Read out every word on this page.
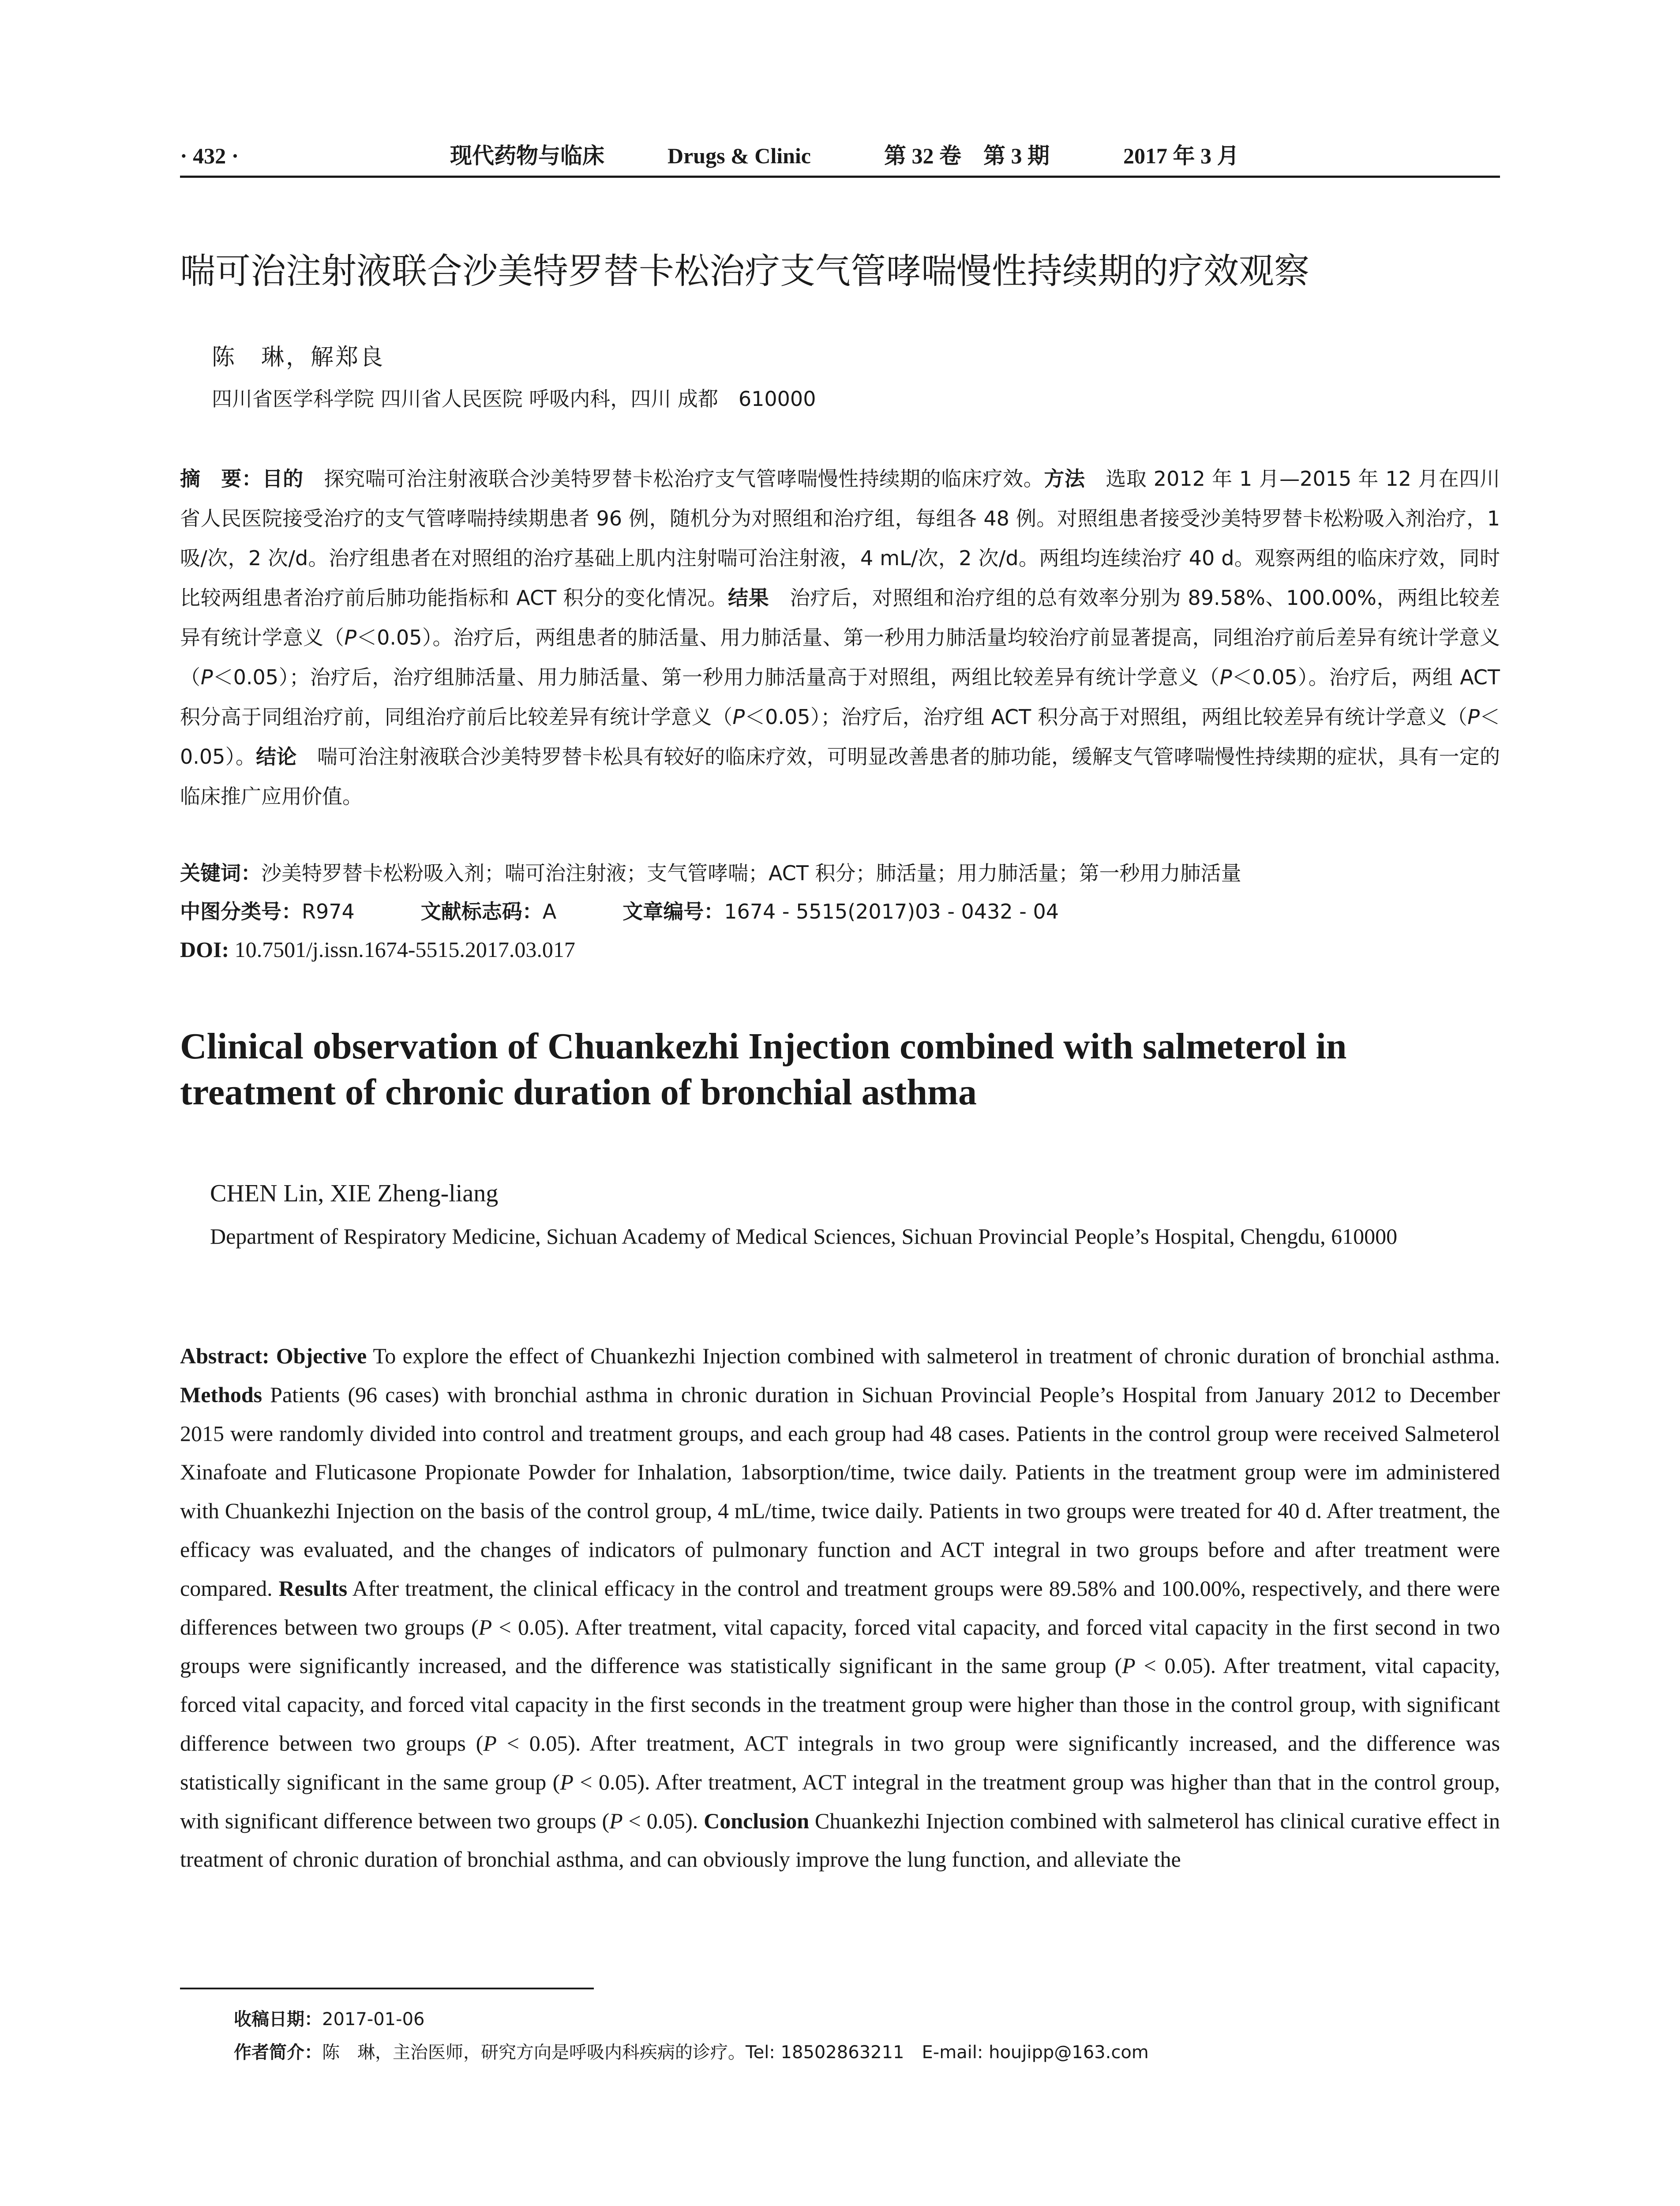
· 432 ·	现代药物与临床	Drugs & Clinic	第 32 卷　第 3 期	2017 年 3 月
喘可治注射液联合沙美特罗替卡松治疗支气管哮喘慢性持续期的疗效观察
陈　琳，解郑良
四川省医学科学院 四川省人民医院 呼吸内科，四川 成都　610000
摘　要：目的　探究喘可治注射液联合沙美特罗替卡松治疗支气管哮喘慢性持续期的临床疗效。方法　选取 2012 年 1 月—2015 年 12 月在四川省人民医院接受治疗的支气管哮喘持续期患者 96 例，随机分为对照组和治疗组，每组各 48 例。对照组患者接受沙美特罗替卡松粉吸入剂治疗，1 吸/次，2 次/d。治疗组患者在对照组的治疗基础上肌内注射喘可治注射液，4 mL/次，2 次/d。两组均连续治疗 40 d。观察两组的临床疗效，同时比较两组患者治疗前后肺功能指标和 ACT 积分的变化情况。结果　治疗后，对照组和治疗组的总有效率分别为 89.58%、100.00%，两组比较差异有统计学意义（P＜0.05）。治疗后，两组患者的肺活量、用力肺活量、第一秒用力肺活量均较治疗前显著提高，同组治疗前后差异有统计学意义（P＜0.05）；治疗后，治疗组肺活量、用力肺活量、第一秒用力肺活量高于对照组，两组比较差异有统计学意义（P＜0.05）。治疗后，两组 ACT 积分高于同组治疗前，同组治疗前后比较差异有统计学意义（P＜0.05）；治疗后，治疗组 ACT 积分高于对照组，两组比较差异有统计学意义（P＜0.05）。结论　喘可治注射液联合沙美特罗替卡松具有较好的临床疗效，可明显改善患者的肺功能，缓解支气管哮喘慢性持续期的症状，具有一定的临床推广应用价值。
关键词：沙美特罗替卡松粉吸入剂；喘可治注射液；支气管哮喘；ACT 积分；肺活量；用力肺活量；第一秒用力肺活量
中图分类号：R974	文献标志码：A	文章编号：1674 - 5515(2017)03 - 0432 - 04
DOI: 10.7501/j.issn.1674-5515.2017.03.017
Clinical observation of Chuankezhi Injection combined with salmeterol in treatment of chronic duration of bronchial asthma
CHEN Lin, XIE Zheng-liang
Department of Respiratory Medicine, Sichuan Academy of Medical Sciences, Sichuan Provincial People’s Hospital, Chengdu, 610000
Abstract: Objective To explore the effect of Chuankezhi Injection combined with salmeterol in treatment of chronic duration of bronchial asthma. Methods Patients (96 cases) with bronchial asthma in chronic duration in Sichuan Provincial People’s Hospital from January 2012 to December 2015 were randomly divided into control and treatment groups, and each group had 48 cases. Patients in the control group were received Salmeterol Xinafoate and Fluticasone Propionate Powder for Inhalation, 1absorption/time, twice daily. Patients in the treatment group were im administered with Chuankezhi Injection on the basis of the control group, 4 mL/time, twice daily. Patients in two groups were treated for 40 d. After treatment, the efficacy was evaluated, and the changes of indicators of pulmonary function and ACT integral in two groups before and after treatment were compared. Results After treatment, the clinical efficacy in the control and treatment groups were 89.58% and 100.00%, respectively, and there were differences between two groups (P < 0.05). After treatment, vital capacity, forced vital capacity, and forced vital capacity in the first second in two groups were significantly increased, and the difference was statistically significant in the same group (P < 0.05). After treatment, vital capacity, forced vital capacity, and forced vital capacity in the first seconds in the treatment group were higher than those in the control group, with significant difference between two groups (P < 0.05). After treatment, ACT integrals in two group were significantly increased, and the difference was statistically significant in the same group (P < 0.05). After treatment, ACT integral in the treatment group was higher than that in the control group, with significant difference between two groups (P < 0.05). Conclusion Chuankezhi Injection combined with salmeterol has clinical curative effect in treatment of chronic duration of bronchial asthma, and can obviously improve the lung function, and alleviate the
收稿日期：2017-01-06
作者简介：陈　琳，主治医师，研究方向是呼吸内科疾病的诊疗。Tel: 18502863211　E-mail: houjipp@163.com
